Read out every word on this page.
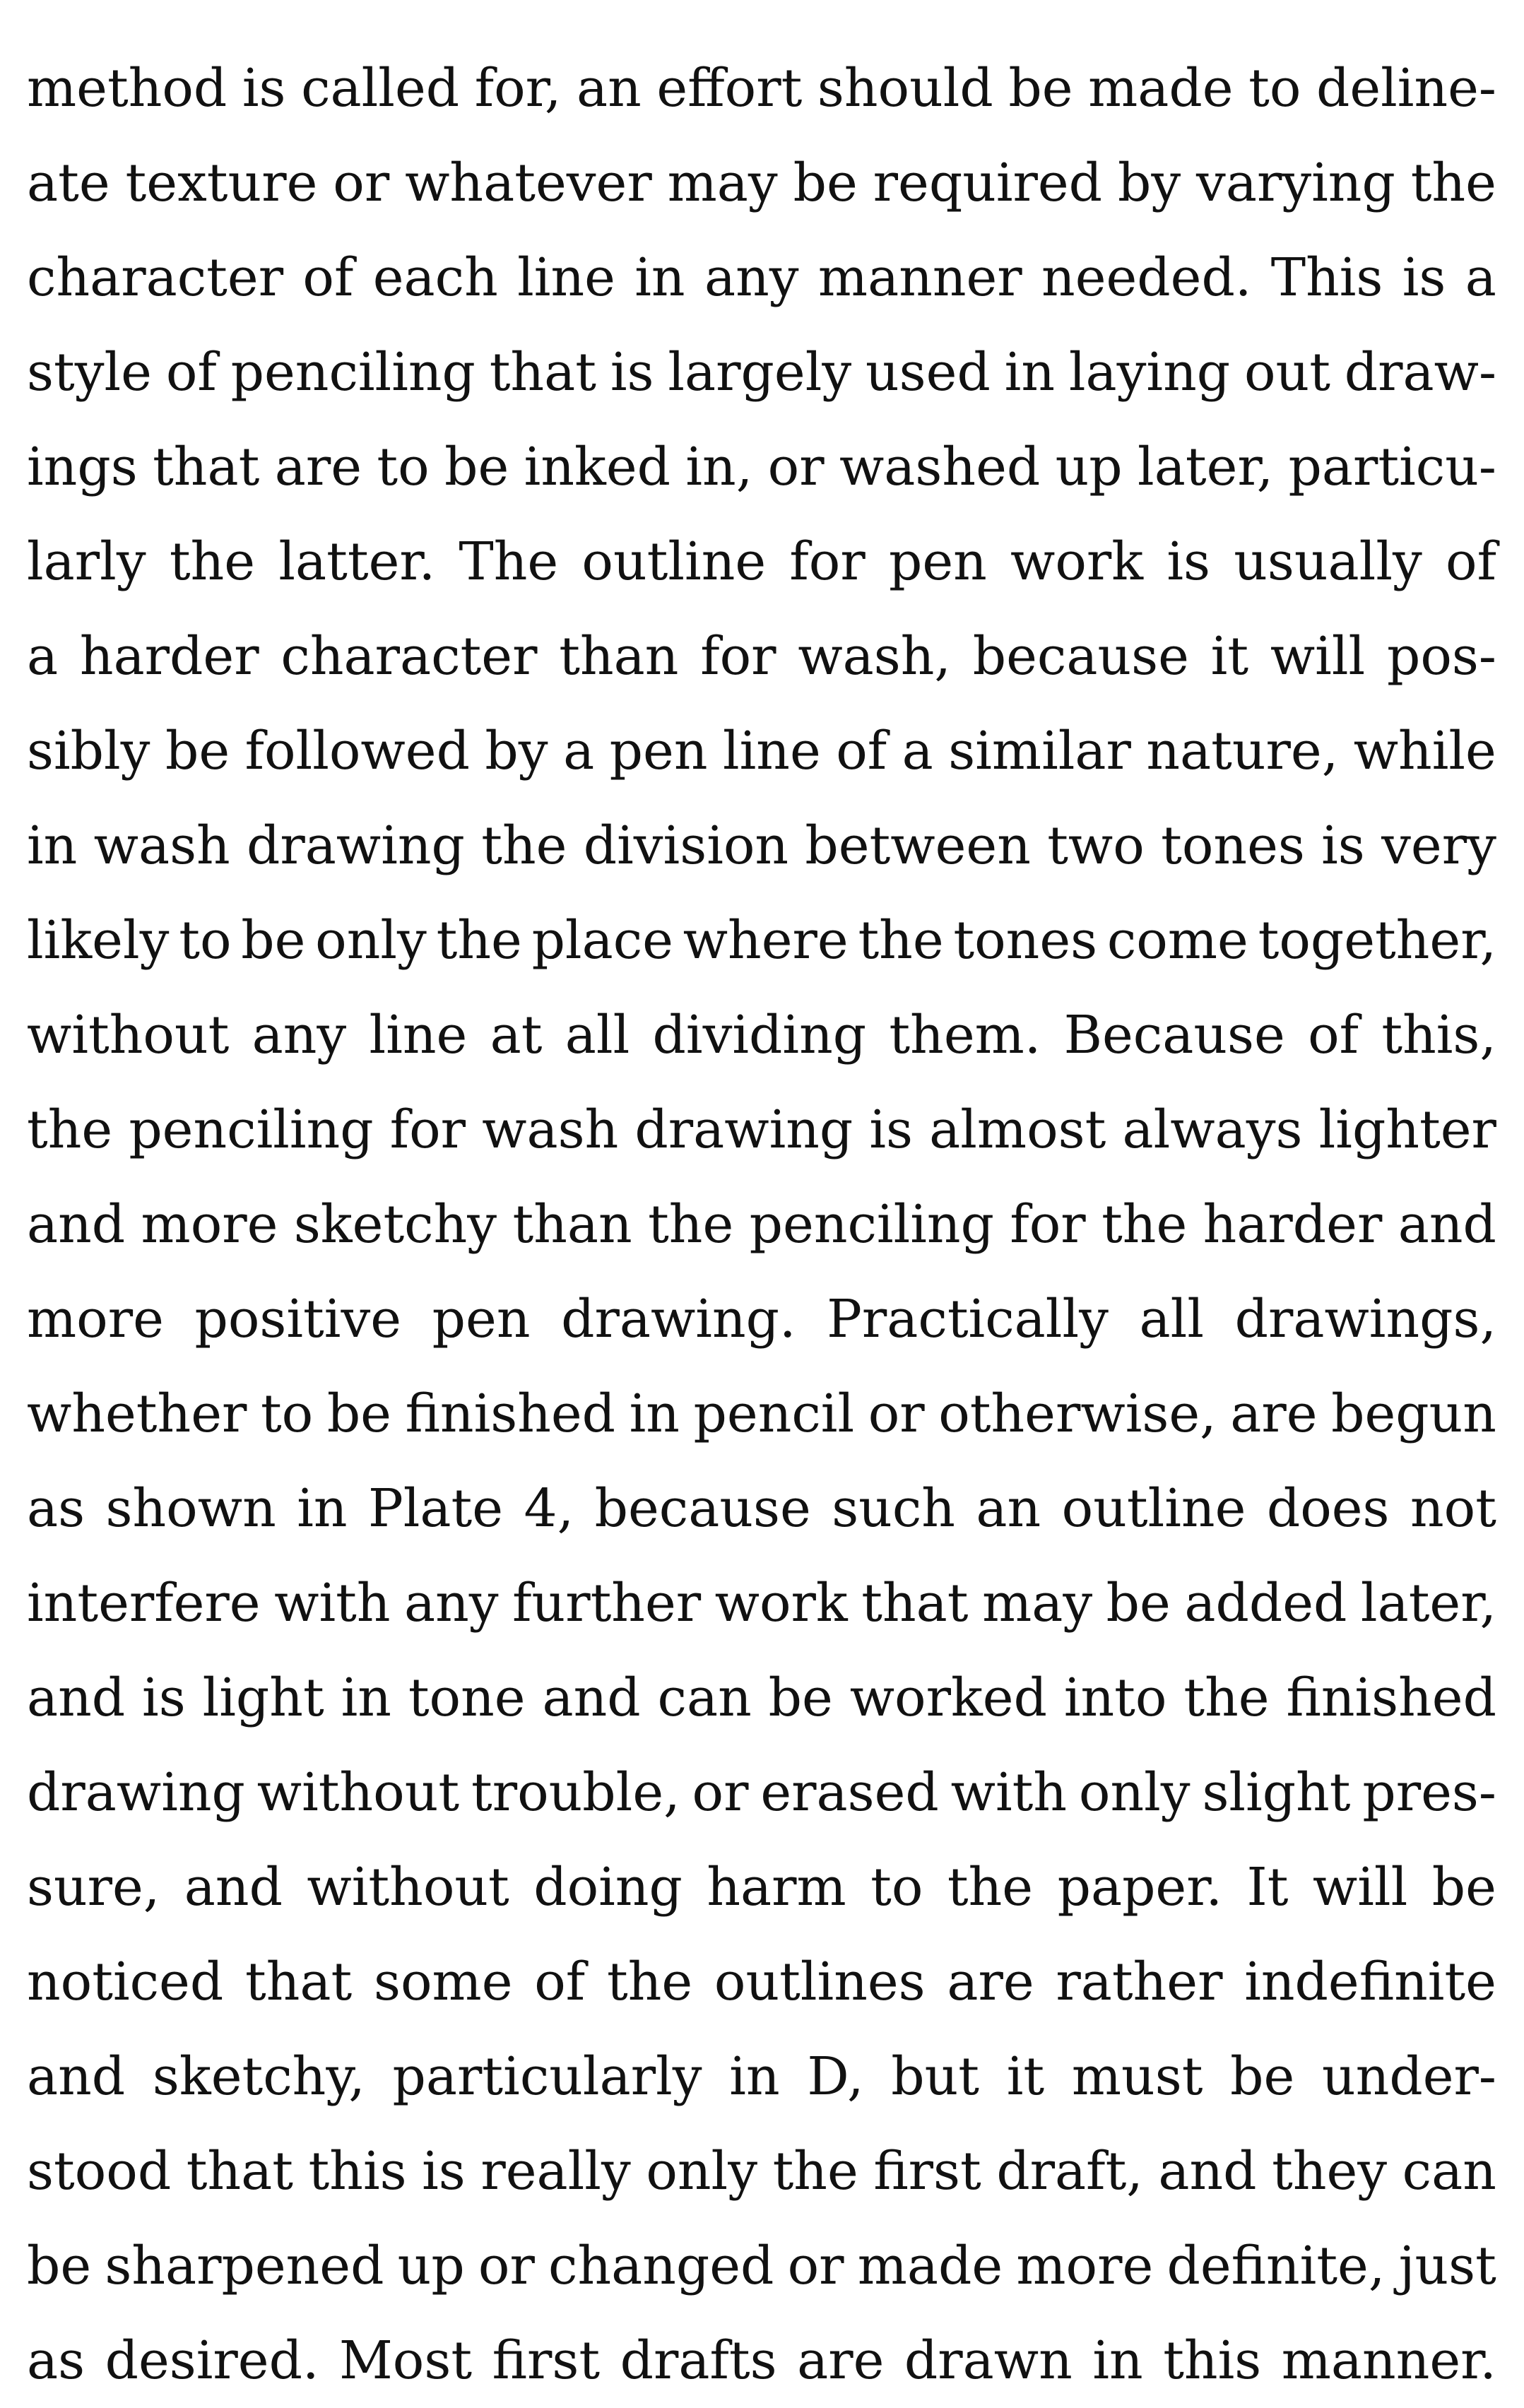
method is called for, an effort should be made to deline-
ate texture or whatever may be required by varying the
character of each line in any manner needed. This is a
style of penciling that is largely used in laying out draw-
ings that are to be inked in, or washed up later, particu-
larly the latter. The outline for pen work is usually of
a harder character than for wash, because it will pos-
sibly be followed by a pen line of a similar nature, while
in wash drawing the division between two tones is very
likely to be only the place where the tones come together,
without any line at all dividing them. Because of this,
the penciling for wash drawing is almost always lighter
and more sketchy than the penciling for the harder and
more positive pen drawing. Practically all drawings,
whether to be finished in pencil or otherwise, are begun
as shown in Plate 4, because such an outline does not
interfere with any further work that may be added later,
and is light in tone and can be worked into the finished
drawing without trouble, or erased with only slight pres-
sure, and without doing harm to the paper. It will be
noticed that some of the outlines are rather indefinite
and sketchy, particularly in D, but it must be under-
stood that this is really only the first draft, and they can
be sharpened up or changed or made more definite, just
as desired. Most first drafts are drawn in this manner.
